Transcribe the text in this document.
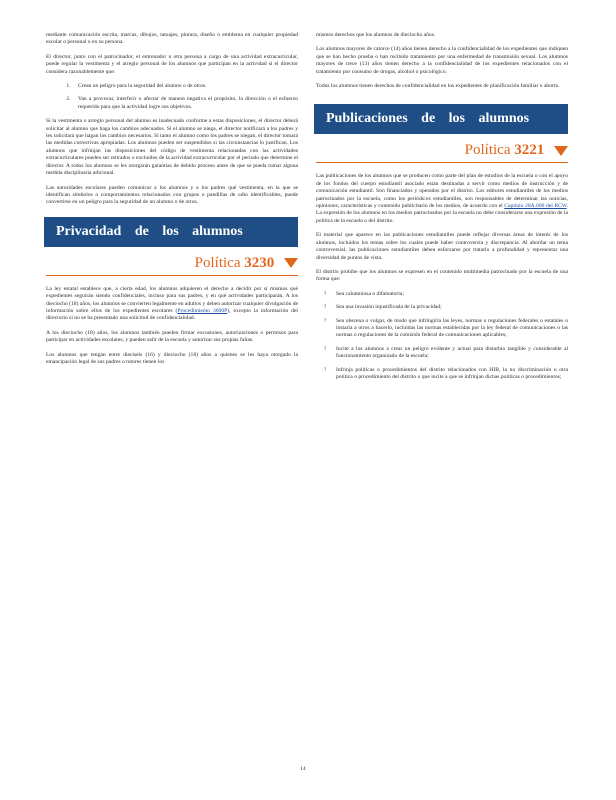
mediante comunicación escrita, marcas, dibujos, tatuajes, pintura, diseño o emblema en cualquier propiedad escolar o personal o en su persona.

El director, junto con el patrocinador, el entrenador u otra persona a cargo de una actividad extracurricular, puede regular la vestimenta y el arreglo personal de los alumnos que participan en la actividad si el director considera razonablemente que:

1. Crean un peligro para la seguridad del alumno o de otros.
2. Van a provocar, interferir o afectar de manera negativa el propósito, la dirección o el esfuerzo requerido para que la actividad logre sus objetivos.

Si la vestimenta o arreglo personal del alumno es inadecuado conforme a estas disposiciones, el director deberá solicitar al alumno que haga los cambios adecuados. Si el alumno se niega, el director notificará a los padres y les solicitará que hagan los cambios necesarios. Si tanto el alumno como los padres se niegan, el director tomará las medidas correctivas apropiadas. Los alumnos pueden ser suspendidos si las circunstancias lo justifican. Los alumnos que infrinjan las disposiciones del código de vestimenta relacionadas con las actividades extracurriculares pueden ser retirados o excluidos de la actividad extracurricular por el periodo que determine el director. A todos los alumnos se les otorgarán garantías de debido proceso antes de que se pueda tomar alguna medida disciplinaria adicional.

Las autoridades escolares pueden comunicar a los alumnos y a los padres qué vestimenta, en la que se identifican símbolos o comportamientos relacionados con grupos o pandillas de odio identificables, puede convertirse en un peligro para la seguridad de un alumno o de otros.

Privacidad de los alumnos
Política 3230

La ley estatal establece que, a cierta edad, los alumnos adquieren el derecho a decidir por sí mismos qué expedientes seguirán siendo confidenciales, incluso para sus padres, y en qué actividades participarán. A los dieciocho (18) años, los alumnos se convierten legalmente en adultos y deben autorizar cualquier divulgación de información sobre ellos de los expedientes escolares (Procedimiento 3600P), excepto la información del directorio si no se ha presentado una solicitud de confidencialidad.

A los dieciocho (18) años, los alumnos también pueden firmar excusiones, autorizaciones o permisos para participar en actividades escolares, y pueden salir de la escuela y autorizar sus propias faltas.

Los alumnos que tengan entre dieciséis (16) y dieciocho (18) años a quienes se les haya otorgado la emancipación legal de sus padres o tutores tienen los

mismos derechos que los alumnos de dieciocho años.

Los alumnos mayores de catorce (14) años tienen derecho a la confidencialidad de los expedientes que indiquen que se han hecho prueba o han recibido tratamiento por una enfermedad de transmisión sexual. Los alumnos mayores de trece (13) años tienen derecho a la confidencialidad de los expedientes relacionados con el tratamiento por consumo de drogas, alcohol o psicológico.

Todos los alumnos tienen derechos de confidencialidad en los expedientes de planificación familiar o aborto.

Publicaciones de los alumnos
Política 3221

Las publicaciones de los alumnos que se producen como parte del plan de estudios de la escuela o con el apoyo de los fondos del cuerpo estudiantil asociado están destinadas a servir como medios de instrucción y de comunicación estudiantil. Son financiados y operados por el distrito. Los editores estudiantiles de los medios patrocinados por la escuela, como los periódicos estudiantiles, son responsables de determinar las noticias, opiniones, características y contenido publicitario de los medios, de acuerdo con el Capítulo 28A.600 del RCW. La expresión de los alumnos en los medios patrocinados por la escuela no debe considerarse una expresión de la política de la escuela o del distrito.

El material que aparece en las publicaciones estudiantiles puede reflejar diversas áreas de interés de los alumnos, incluidos los temas sobre los cuales puede haber controversia y discrepancia. Al abordar un tema controversial, las publicaciones estudiantiles deben esforzarse por tratarlo a profundidad y representar una diversidad de puntos de vista.

El distrito prohíbe que los alumnos se expresen en el contenido multimedia patrocinado por la escuela de una forma que:

? Sea calumniosa o difamatoria;
? Sea una invasión injustificada de la privacidad;
? Sea obscena o vulgar, de modo que infringiría las leyes, normas o regulaciones federales o estatales o instaría a otros a hacerlo, incluidas las normas establecidas por la ley federal de comunicaciones o las normas o regulaciones de la comisión federal de comunicaciones aplicables;
? Incite a los alumnos a crear un peligro evidente y actual para disturbio tangible y considerable al funcionamiento organizado de la escuela;
? Infrinja políticas o procedimientos del distrito relacionados con HIB, la no discriminación u otra política o procedimiento del distrito o que incite a que se infrinjan dichas políticas o procedimientos;
14
